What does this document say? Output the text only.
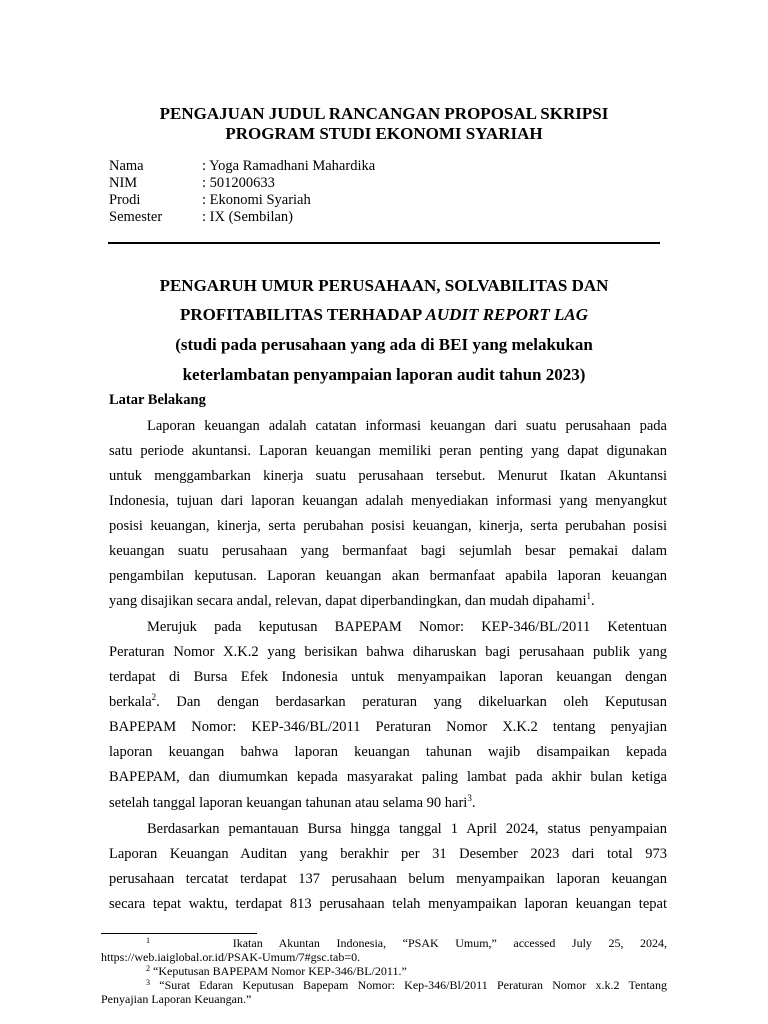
PENGAJUAN JUDUL RANCANGAN PROPOSAL SKRIPSI
PROGRAM STUDI EKONOMI SYARIAH
Nama	: Yoga Ramadhani Mahardika
NIM	: 501200633
Prodi	: Ekonomi Syariah
Semester	: IX (Sembilan)
PENGARUH UMUR PERUSAHAAN, SOLVABILITAS DAN
PROFITABILITAS TERHADAP AUDIT REPORT LAG
(studi pada perusahaan yang ada di BEI yang melakukan
keterlambatan penyampaian laporan audit tahun 2023)
Latar Belakang
Laporan keuangan adalah catatan informasi keuangan dari suatu perusahaan pada
satu periode akuntansi. Laporan keuangan memiliki peran penting yang dapat digunakan
untuk menggambarkan kinerja suatu perusahaan tersebut. Menurut Ikatan Akuntansi
Indonesia, tujuan dari laporan keuangan adalah menyediakan informasi yang menyangkut
posisi keuangan, kinerja, serta perubahan posisi keuangan, kinerja, serta perubahan posisi
keuangan suatu perusahaan yang bermanfaat bagi sejumlah besar pemakai dalam
pengambilan keputusan. Laporan keuangan akan bermanfaat apabila laporan keuangan
yang disajikan secara andal, relevan, dapat diperbandingkan, dan mudah dipahami$^1$.
Merujuk pada keputusan BAPEPAM Nomor: KEP-346/BL/2011 Ketentuan
Peraturan Nomor X.K.2 yang berisikan bahwa diharuskan bagi perusahaan publik yang
terdapat di Bursa Efek Indonesia untuk menyampaikan laporan keuangan dengan
berkala$^2$. Dan dengan berdasarkan peraturan yang dikeluarkan oleh Keputusan
BAPEPAM Nomor: KEP-346/BL/2011 Peraturan Nomor X.K.2 tentang penyajian
laporan keuangan bahwa laporan keuangan tahunan wajib disampaikan kepada
BAPEPAM, dan diumumkan kepada masyarakat paling lambat pada akhir bulan ketiga
setelah tanggal laporan keuangan tahunan atau selama 90 hari$^3$.
Berdasarkan pemantauan Bursa hingga tanggal 1 April 2024, status penyampaian
Laporan Keuangan Auditan yang berakhir per 31 Desember 2023 dari total 973
perusahaan tercatat terdapat 137 perusahaan belum menyampaikan laporan keuangan
secara tepat waktu, terdapat 813 perusahaan telah menyampaikan laporan keuangan tepat
$^1$	Ikatan Akuntan Indonesia, “PSAK Umum,” accessed July 25, 2024,
https://web.iaiglobal.or.id/PSAK-Umum/7#gsc.tab=0.
$^2$ “Keputusan BAPEPAM Nomor KEP-346/BL/2011.”
$^3$ “Surat Edaran Keputusan Bapepam Nomor: Kep-346/Bl/2011 Peraturan Nomor x.k.2 Tentang
Penyajian Laporan Keuangan.”
